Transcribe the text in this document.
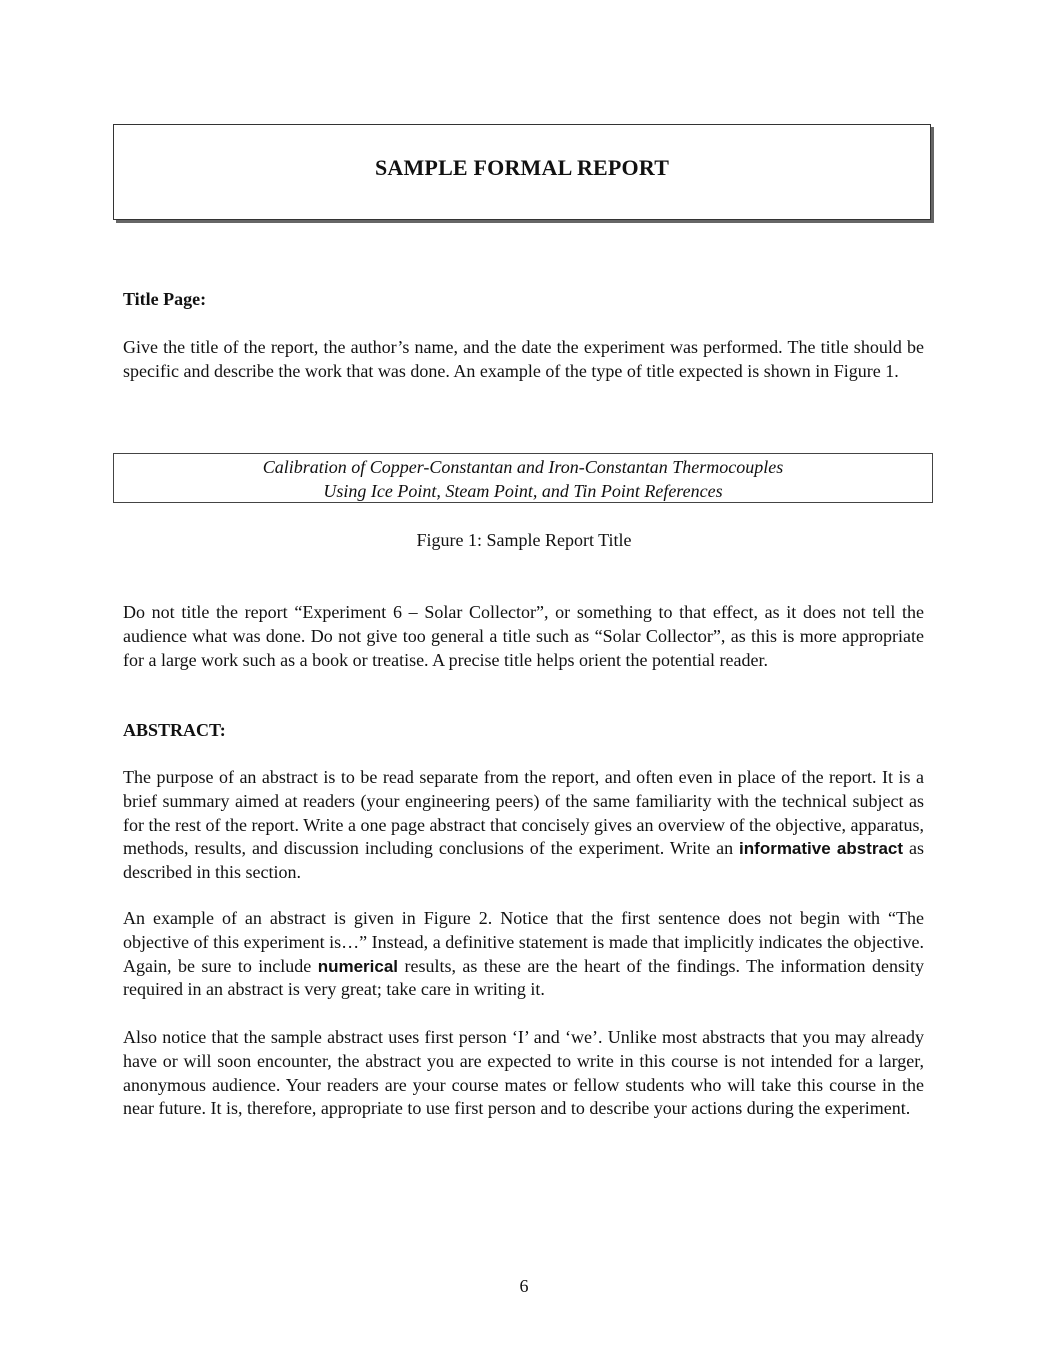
SAMPLE FORMAL REPORT

Title Page:

Give the title of the report, the author’s name, and the date the experiment was performed. The title should be specific and describe the work that was done. An example of the type of title expected is shown in Figure 1.

Calibration of Copper-Constantan and Iron-Constantan Thermocouples
Using Ice Point, Steam Point, and Tin Point References

Figure 1: Sample Report Title

Do not title the report “Experiment 6 – Solar Collector”, or something to that effect, as it does not tell the audience what was done. Do not give too general a title such as “Solar Collector”, as this is more appropriate for a large work such as a book or treatise. A precise title helps orient the potential reader.

ABSTRACT:

The purpose of an abstract is to be read separate from the report, and often even in place of the report. It is a brief summary aimed at readers (your engineering peers) of the same familiarity with the technical subject as for the rest of the report. Write a one page abstract that concisely gives an overview of the objective, apparatus, methods, results, and discussion including conclusions of the experiment. Write an informative abstract as described in this section.

An example of an abstract is given in Figure 2. Notice that the first sentence does not begin with “The objective of this experiment is…” Instead, a definitive statement is made that implicitly indicates the objective. Again, be sure to include numerical results, as these are the heart of the findings. The information density required in an abstract is very great; take care in writing it.

Also notice that the sample abstract uses first person ‘I’ and ‘we’. Unlike most abstracts that you may already have or will soon encounter, the abstract you are expected to write in this course is not intended for a larger, anonymous audience. Your readers are your course mates or fellow students who will take this course in the near future. It is, therefore, appropriate to use first person and to describe your actions during the experiment.

6
